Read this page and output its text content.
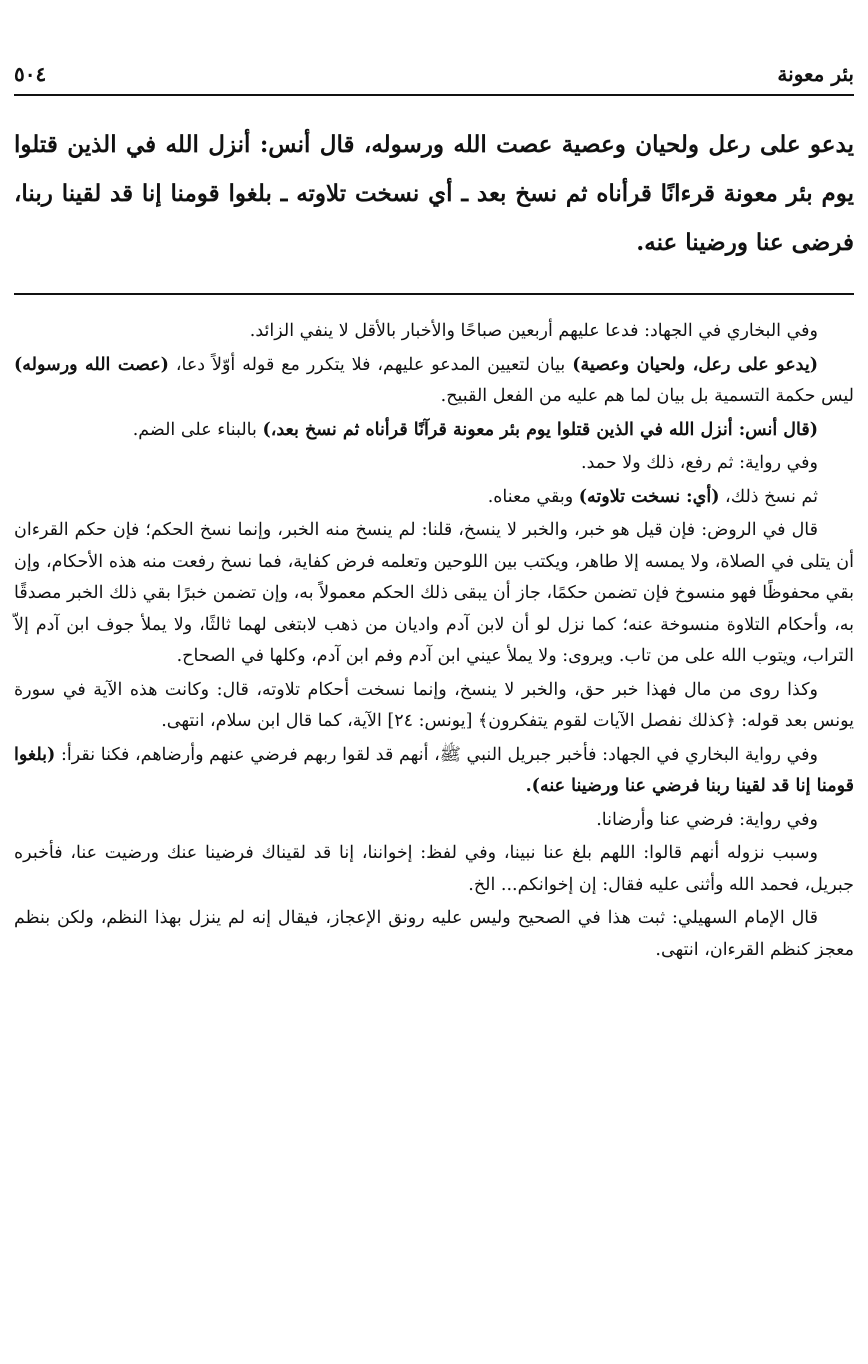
بئر معونة
٥٠٤
يدعو على رعل ولحيان وعصية عصت الله ورسوله، قال أنس: أنزل الله في الذين قتلوا يوم بئر معونة قرءانًا قرأناه ثم نسخ بعد ـ أي نسخت تلاوته ـ بلغوا قومنا إنا قد لقينا ربنا، فرضى عنا ورضينا عنه.

وفي البخاري في الجهاد: فدعا عليهم أربعين صباحًا والأخبار بالأقل لا ينفي الزائد.

(يدعو على رعل، ولحيان وعصية) بيان لتعيين المدعو عليهم، فلا يتكرر مع قوله أوّلاً دعا، (عصت الله ورسوله) ليس حكمة التسمية بل بيان لما هم عليه من الفعل القبيح.

(قال أنس: أنزل الله في الذين قتلوا يوم بئر معونة قرآنًا قرأناه ثم نسخ بعد،) بالبناء على الضم.

وفي رواية: ثم رفع، ذلك ولا حمد.

ثم نسخ ذلك، (أي: نسخت تلاوته) وبقي معناه.

قال في الروض: فإن قيل هو خبر، والخبر لا ينسخ، قلنا: لم ينسخ منه الخبر، وإنما نسخ الحكم؛ فإن حكم القرءان أن يتلى في الصلاة، ولا يمسه إلا طاهر، ويكتب بين اللوحين وتعلمه فرض كفاية، فما نسخ رفعت منه هذه الأحكام، وإن بقي محفوظًا فهو منسوخ فإن تضمن حكمًا، جاز أن يبقى ذلك الحكم معمولاً به، وإن تضمن خبرًا بقي ذلك الخبر مصدقًا به، وأحكام التلاوة منسوخة عنه؛ كما نزل لو أن لابن آدم واديان من ذهب لابتغى لهما ثالثًا، ولا يملأ جوف ابن آدم إلاّ التراب، ويتوب الله على من تاب. ويروى: ولا يملأ عيني ابن آدم وفم ابن آدم، وكلها في الصحاح.

وكذا روى من مال فهذا خبر حق، والخبر لا ينسخ، وإنما نسخت أحكام تلاوته، قال: وكانت هذه الآية في سورة يونس بعد قوله: ﴿كذلك نفصل الآيات لقوم يتفكرون﴾ [يونس: ٢٤] الآية، كما قال ابن سلام، انتهى.

وفي رواية البخاري في الجهاد: فأخبر جبريل النبي ﷺ، أنهم قد لقوا ربهم فرضي عنهم وأرضاهم، فكنا نقرأ: (بلغوا قومنا إنا قد لقينا ربنا فرضي عنا ورضينا عنه).

وفي رواية: فرضي عنا وأرضانا.

وسبب نزوله أنهم قالوا: اللهم بلغ عنا نبينا، وفي لفظ: إخواننا، إنا قد لقيناك فرضينا عنك ورضيت عنا، فأخبره جبريل، فحمد الله وأثنى عليه فقال: إن إخوانكم... الخ.

قال الإمام السهيلي: ثبت هذا في الصحيح وليس عليه رونق الإعجاز، فيقال إنه لم ينزل بهذا النظم، ولكن بنظم معجز كنظم القرءان، انتهى.
